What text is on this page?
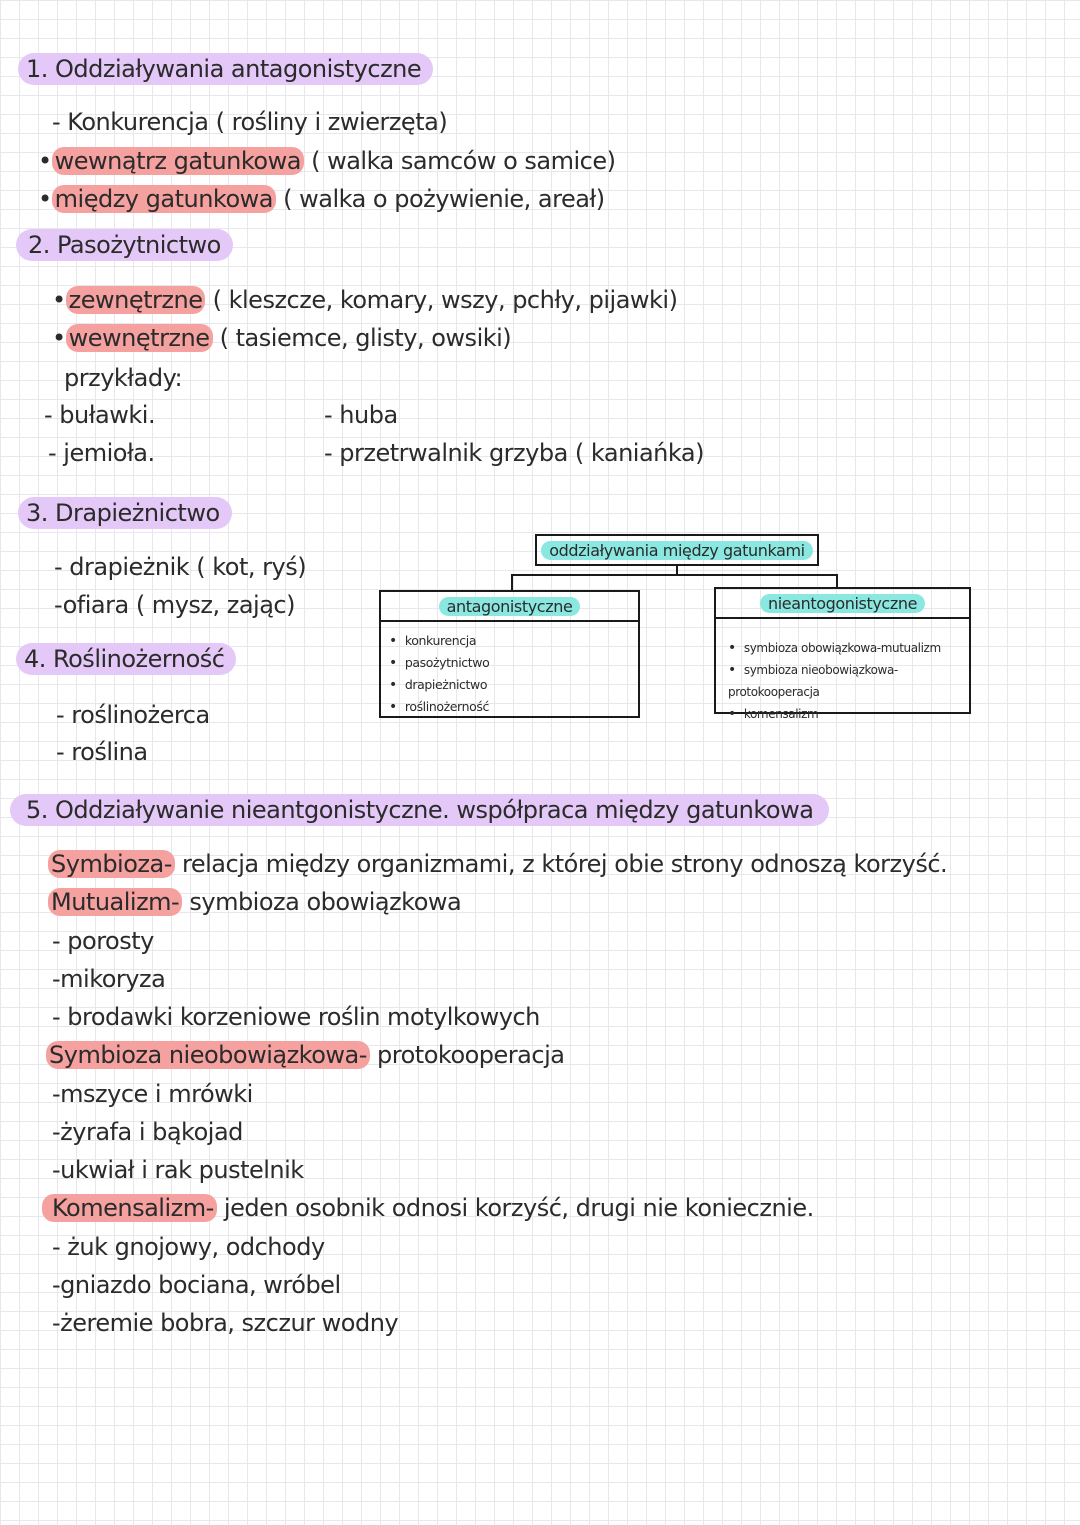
1. Oddziaływania antagonistyczne
- Konkurencja ( rośliny i zwierzęta)
• wewnątrz gatunkowa ( walka samców o samice)
• między gatunkowa ( walka o pożywienie, areał)
2. Pasożytnictwo
• zewnętrzne ( kleszcze, komary, wszy, pchły, pijawki)
• wewnętrzne ( tasiemce, glisty, owsiki)
przykłady:
- buławki.
- jemioła.
- huba
- przetrwalnik grzyba ( kaniańka)
3. Drapieżnictwo
- drapieżnik ( kot, ryś)
-ofiara ( mysz, zając)
4. Roślinożerność
- roślinożerca
- roślina
oddziaływania między gatunkami
antagonistyczne
• konkurencja
• pasożytnictwo
• drapieżnictwo
• roślinożerność
nieantogonistyczne
• symbioza obowiązkowa-mutualizm
• symbioza nieobowiązkowa- protokooperacja
• komensalizm
5. Oddziaływanie nieantgonistyczne. współpraca między gatunkowa
Symbioza- relacja między organizmami, z której obie strony odnoszą korzyść.
Mutualizm- symbioza obowiązkowa
- porosty
-mikoryza
- brodawki korzeniowe roślin motylkowych
Symbioza nieobowiązkowa- protokooperacja
-mszyce i mrówki
-żyrafa i bąkojad
-ukwiał i rak pustelnik
Komensalizm- jeden osobnik odnosi korzyść, drugi nie koniecznie.
- żuk gnojowy, odchody
-gniazdo bociana, wróbel
-żeremie bobra, szczur wodny
